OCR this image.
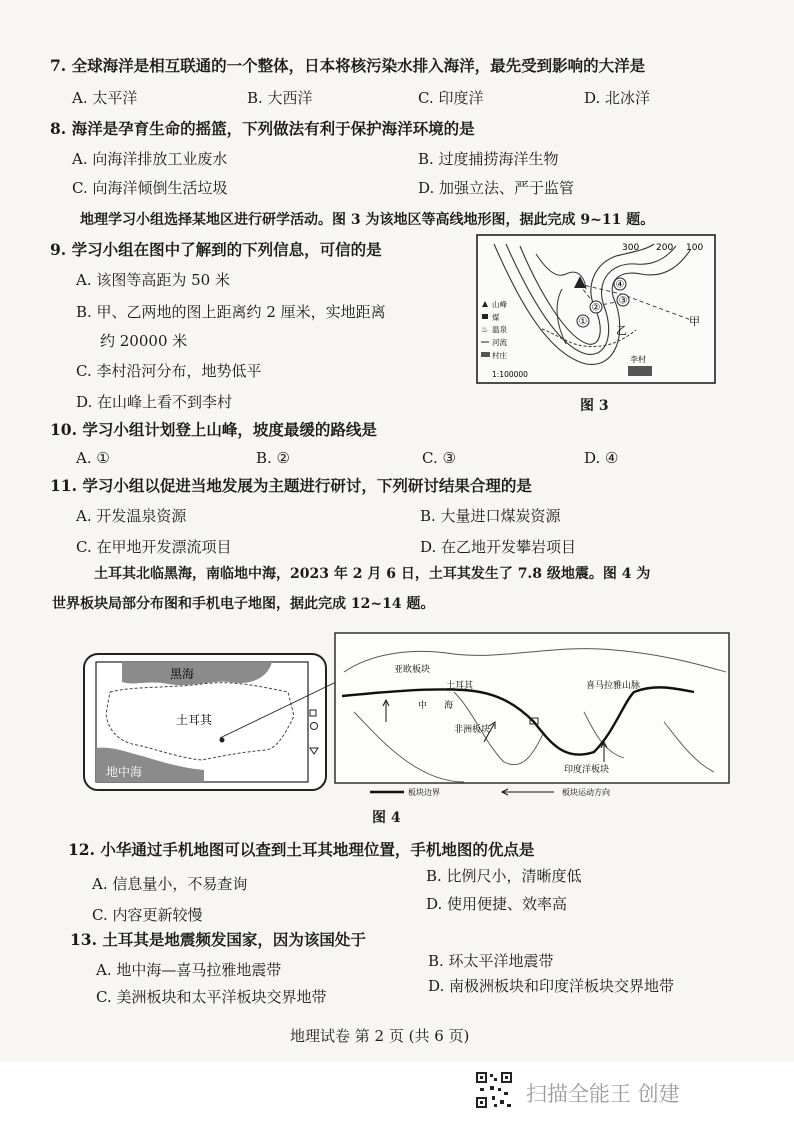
7. 全球海洋是相互联通的一个整体，日本将核污染水排入海洋，最先受到影响的大洋是
A. 太平洋	B. 大西洋	C. 印度洋	D. 北冰洋
8. 海洋是孕育生命的摇篮，下列做法有利于保护海洋环境的是
A. 向海洋排放工业废水	B. 过度捕捞海洋生物
C. 向海洋倾倒生活垃圾	D. 加强立法、严于监管
地理学习小组选择某地区进行研学活动。图 3 为该地区等高线地形图，据此完成 9~11 题。
9. 学习小组在图中了解到的下列信息，可信的是
A. 该图等高距为 50 米
B. 甲、乙两地的图上距离约 2 厘米，实地距离
约 20000 米
C. 李村沿河分布，地势低平
D. 在山峰上看不到李村
①
②
③
④
300 200 100
甲
乙
李村
山峰
煤
♨ 温泉
河流
村庄
1:100000
图 3
10. 学习小组计划登上山峰，坡度最缓的路线是
A. ①	B. ②	C. ③	D. ④
11. 学习小组以促进当地发展为主题进行研讨，下列研讨结果合理的是
A. 开发温泉资源	B. 大量进口煤炭资源
C. 在甲地开发漂流项目	D. 在乙地开发攀岩项目
土耳其北临黑海，南临地中海，2023 年 2 月 6 日，土耳其发生了 7.8 级地震。图 4 为
世界板块局部分布图和手机电子地图，据此完成 12~14 题。
黑海
土耳其
地中海
亚欧板块
土耳其
中 海
喜马拉雅山脉
非洲板块
印度洋板块
板块边界	板块运动方向
图 4
12. 小华通过手机地图可以查到土耳其地理位置，手机地图的优点是
A. 信息量小，不易查询	B. 比例尺小，清晰度低
C. 内容更新较慢
D. 使用便捷、效率高
13. 土耳其是地震频发国家，因为该国处于
A. 地中海—喜马拉雅地震带	B. 环太平洋地震带
C. 美洲板块和太平洋板块交界地带
D. 南极洲板块和印度洋板块交界地带
地理试卷 第 2 页 (共 6 页)
扫描全能王 创建
